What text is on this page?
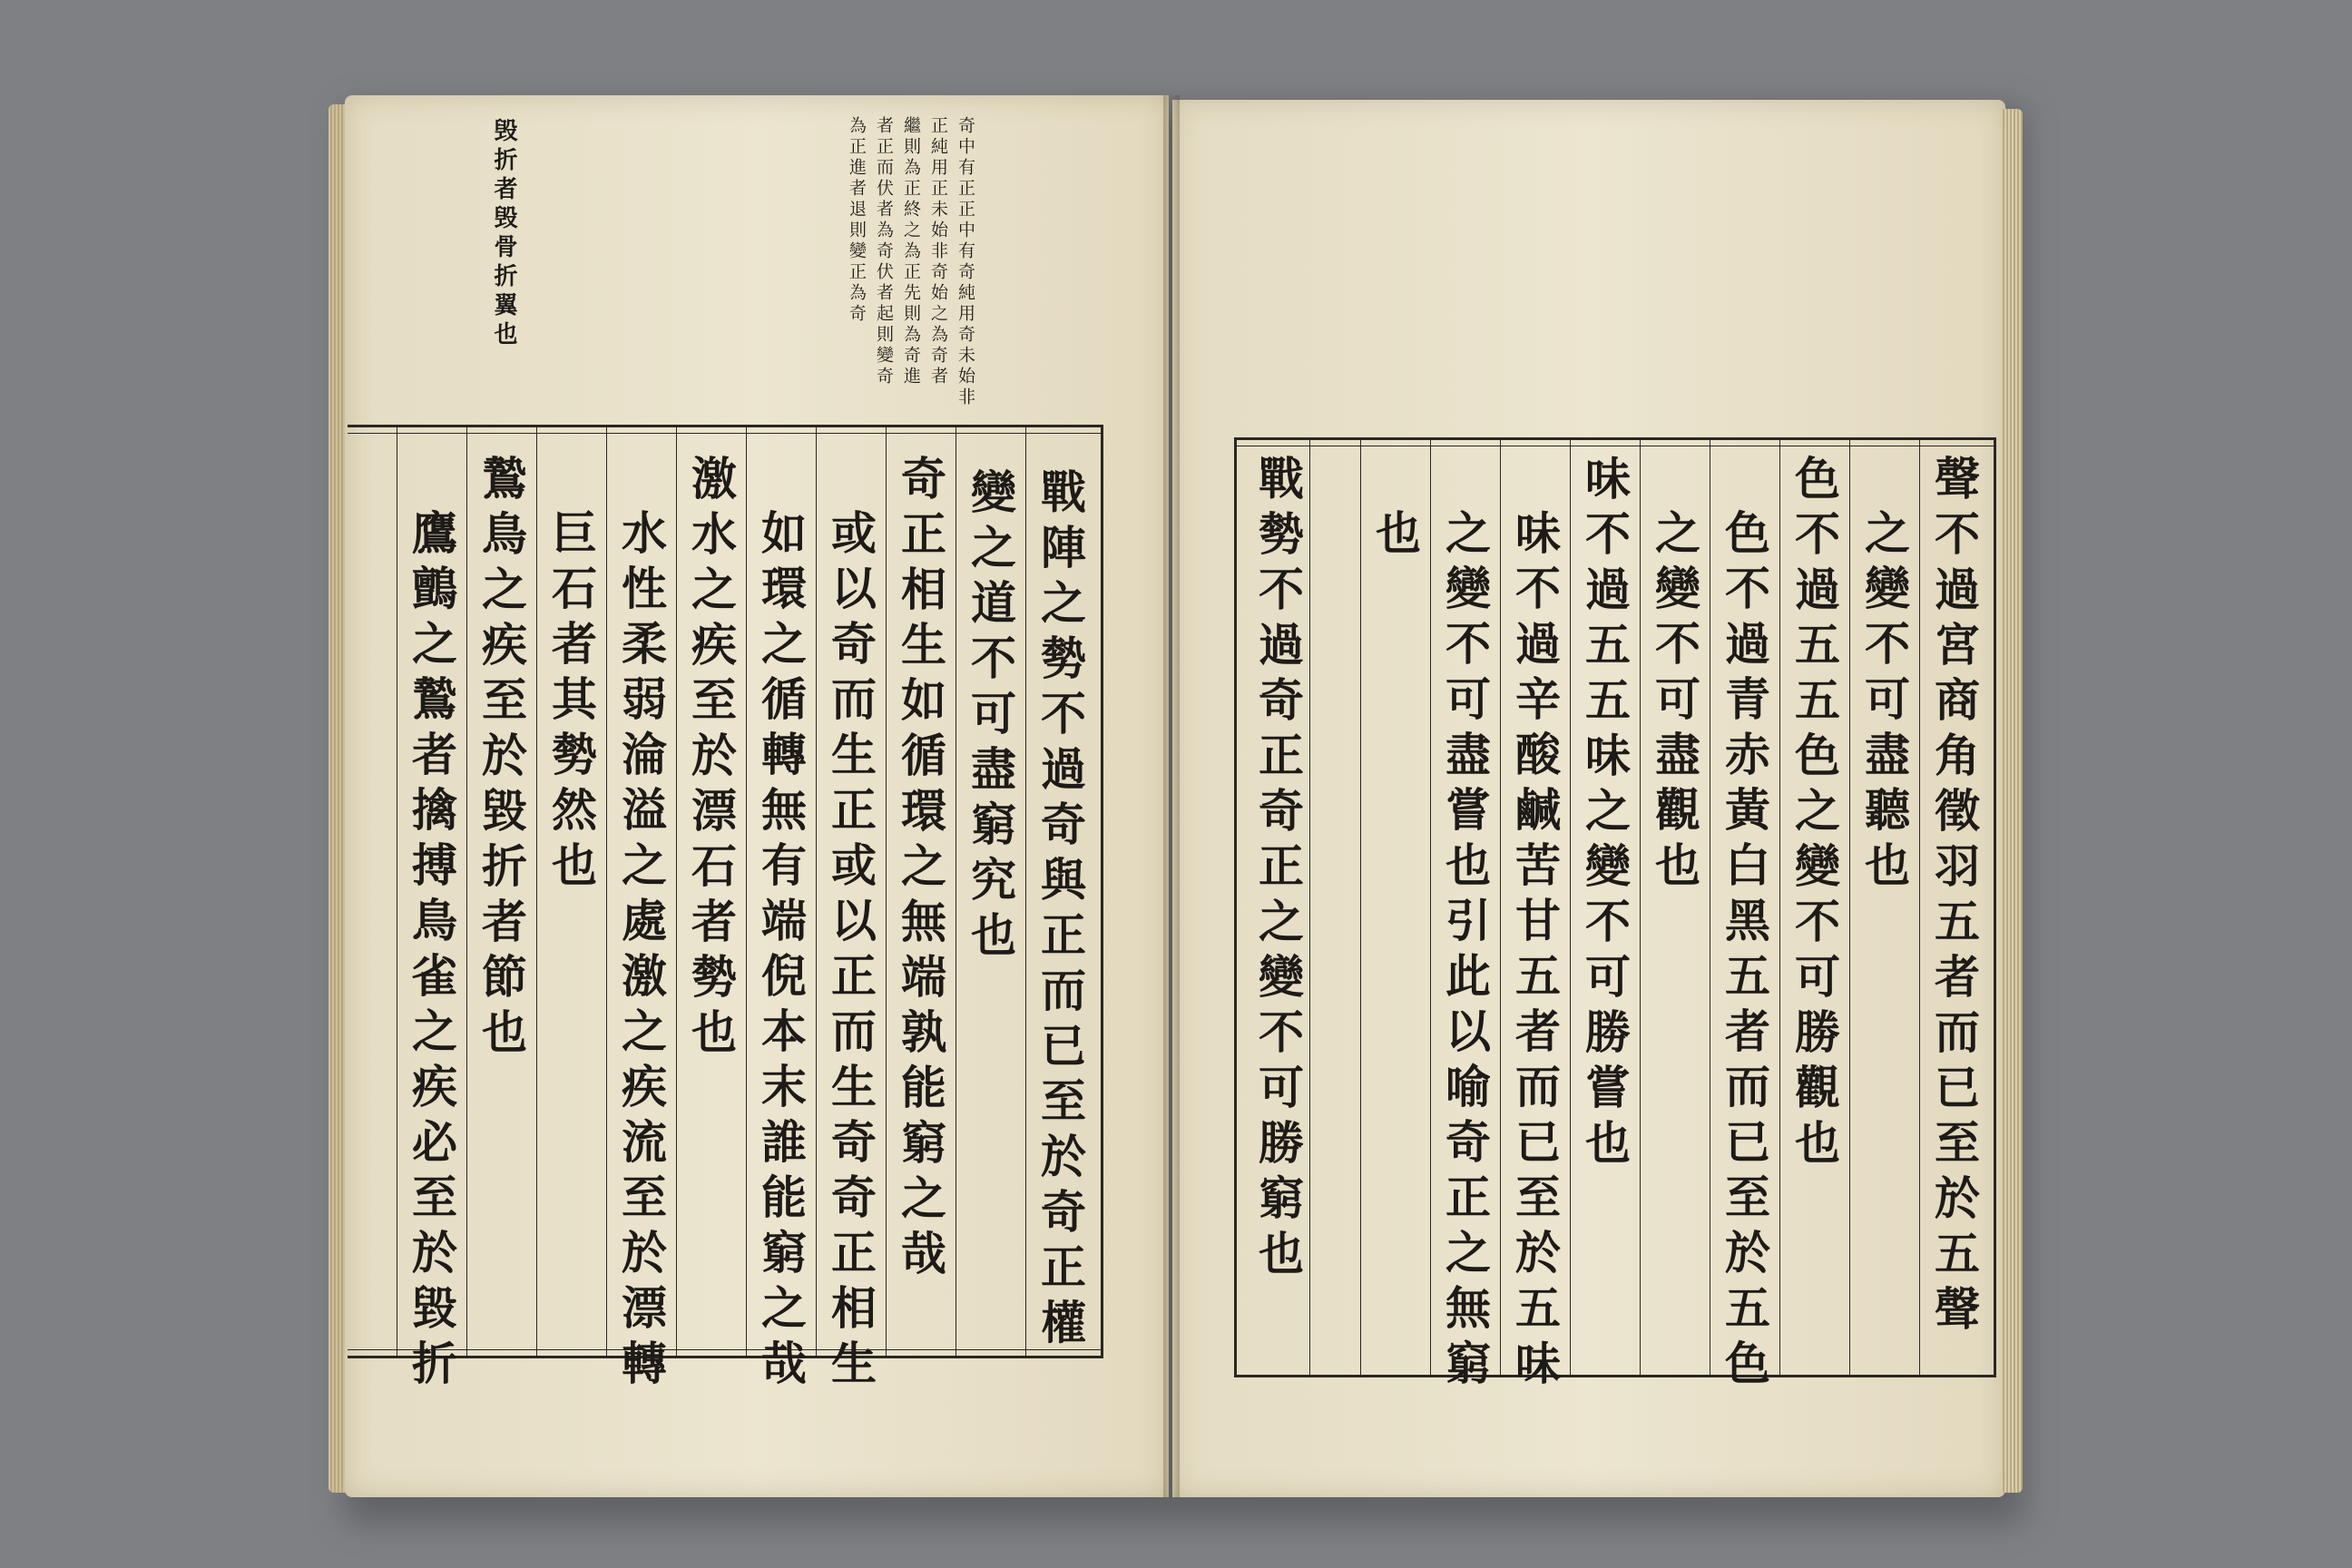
毁折者毁骨折翼也	奇中有正正中有奇純用奇未始非
正純用正未始非奇始之為奇者
繼則為正終之為正先則為奇進
者正而伏者為奇伏者起則變奇
為正進者退則變正為奇
戰陣之勢不過奇與正而已至於奇正權
變之道不可盡窮究也
奇正相生如循環之無端孰能窮之哉
或以奇而生正或以正而生奇奇正相生
如環之循轉無有端倪本末誰能窮之哉
激水之疾至於漂石者勢也
水性柔弱淪溢之處激之疾流至於漂轉
巨石者其勢然也
鷙鳥之疾至於毀折者節也
鷹鸇之鷙者擒搏鳥雀之疾必至於毀折	聲不過宮商角徵羽五者而已至於五聲
之變不可盡聽也
色不過五五色之變不可勝觀也
色不過青赤黃白黑五者而已至於五色
之變不可盡觀也
味不過五五味之變不可勝嘗也
味不過辛酸鹹苦甘五者而已至於五味
之變不可盡嘗也引此以喻奇正之無窮
也
戰勢不過奇正奇正之變不可勝窮也
